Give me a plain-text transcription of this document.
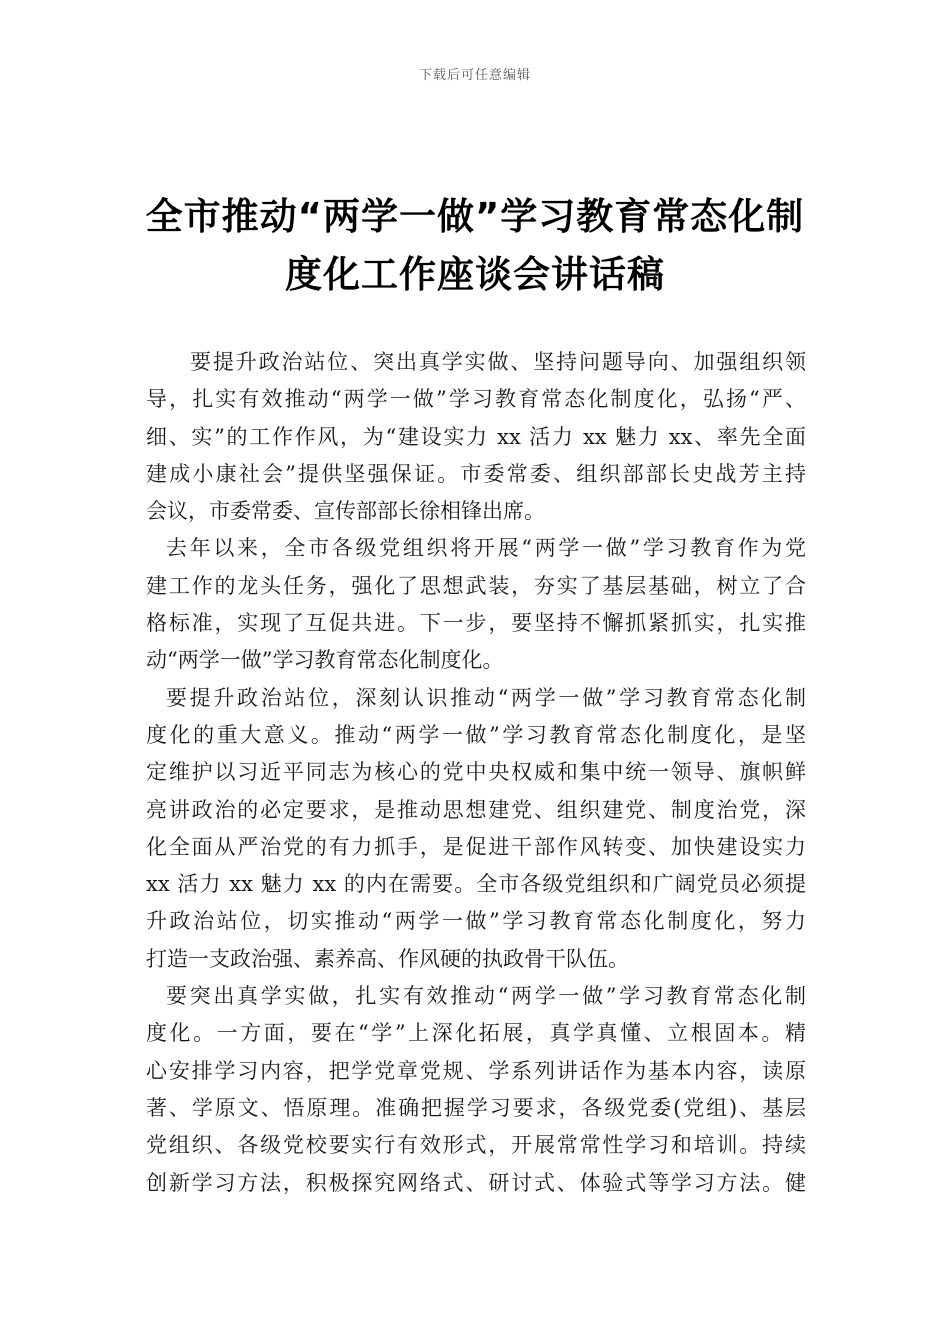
下载后可任意编辑
全市推动“两学一做”学习教育常态化制
度化工作座谈会讲话稿
要提升政治站位、突出真学实做、坚持问题导向、加强组织领
导，扎实有效推动“两学一做”学习教育常态化制度化，弘扬“严、
细、实”的工作作风，为“建设实力 xx 活力 xx 魅力 xx、率先全面
建成小康社会”提供坚强保证。市委常委、组织部部长史战芳主持
会议，市委常委、宣传部部长徐相锋出席。
去年以来，全市各级党组织将开展“两学一做”学习教育作为党
建工作的龙头任务，强化了思想武装，夯实了基层基础，树立了合
格标准，实现了互促共进。下一步，要坚持不懈抓紧抓实，扎实推
动“两学一做”学习教育常态化制度化。
要提升政治站位，深刻认识推动“两学一做”学习教育常态化制
度化的重大意义。推动“两学一做”学习教育常态化制度化，是坚
定维护以习近平同志为核心的党中央权威和集中统一领导、旗帜鲜
亮讲政治的必定要求，是推动思想建党、组织建党、制度治党，深
化全面从严治党的有力抓手，是促进干部作风转变、加快建设实力
xx 活力 xx 魅力 xx 的内在需要。全市各级党组织和广阔党员必须提
升政治站位，切实推动“两学一做”学习教育常态化制度化，努力
打造一支政治强、素养高、作风硬的执政骨干队伍。
要突出真学实做，扎实有效推动“两学一做”学习教育常态化制
度化。一方面，要在“学”上深化拓展，真学真懂、立根固本。精
心安排学习内容，把学党章党规、学系列讲话作为基本内容，读原
著、学原文、悟原理。准确把握学习要求，各级党委(党组)、基层
党组织、各级党校要实行有效形式，开展常常性学习和培训。持续
创新学习方法，积极探究网络式、研讨式、体验式等学习方法。健
